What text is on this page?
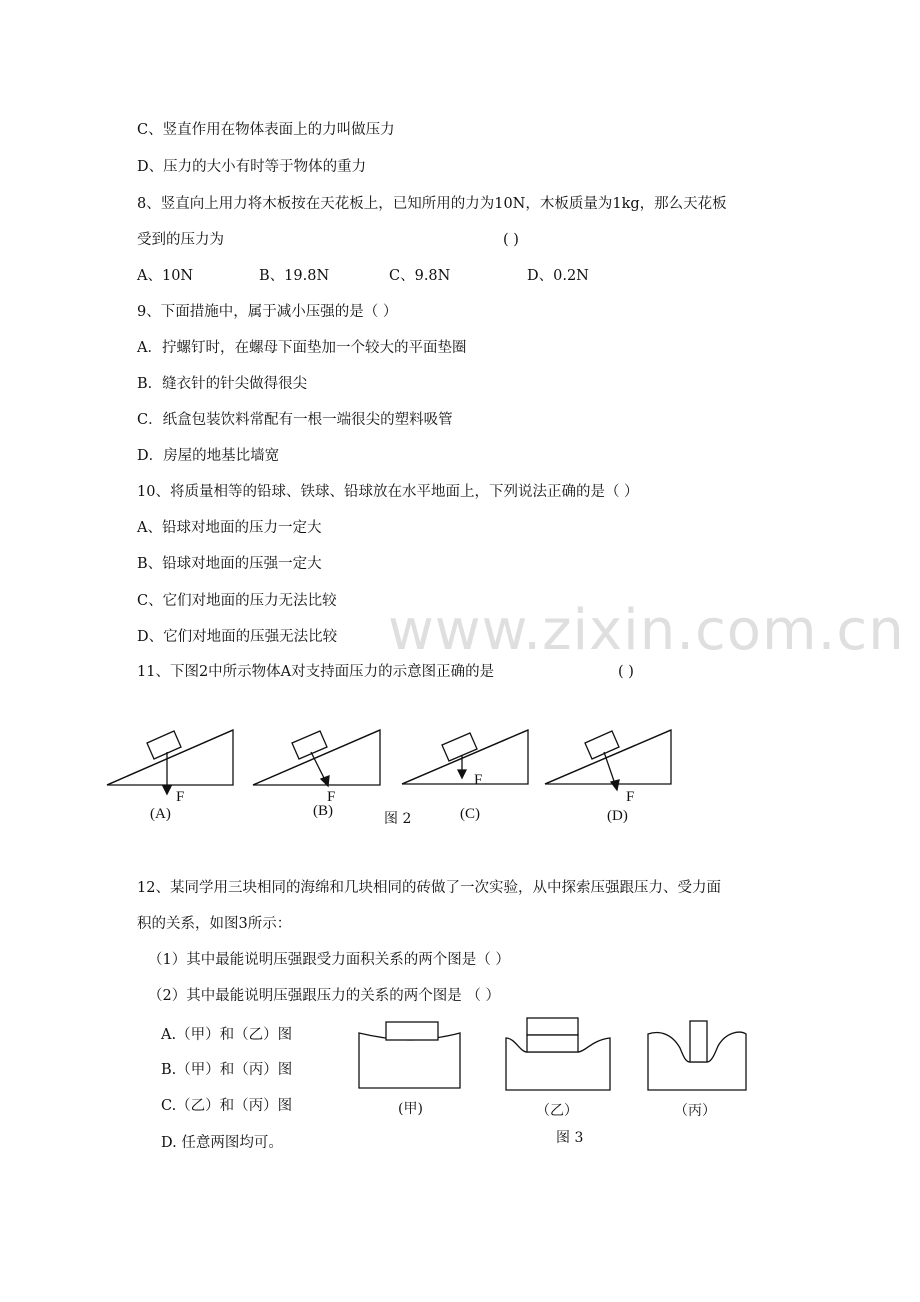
C、竖直作用在物体表面上的力叫做压力
D、压力的大小有时等于物体的重力
8、竖直向上用力将木板按在天花板上，已知所用的力为10N，木板质量为1kg，那么天花板
受到的压力为	( )
A、10N	B、19.8N	C、9.8N	D、0.2N
9、下面措施中，属于减小压强的是（ ）
A．拧螺钉时，在螺母下面垫加一个较大的平面垫圈
B．缝衣针的针尖做得很尖
C．纸盒包装饮料常配有一根一端很尖的塑料吸管
D．房屋的地基比墙宽
10、将质量相等的铅球、铁球、铅球放在水平地面上，下列说法正确的是（ ）
A、铅球对地面的压力一定大
B、铅球对地面的压强一定大
C、它们对地面的压力无法比较
D、它们对地面的压强无法比较
11、下图2中所示物体A对支持面压力的示意图正确的是	( )
www.zixin.com.cn
F
(A)
F
(B)	图 2
F
(C)
F
(D)
(甲)	（乙）	（丙）
图 3
12、某同学用三块相同的海绵和几块相同的砖做了一次实验，从中探索压强跟压力、受力面
积的关系，如图3所示：
（1）其中最能说明压强跟受力面积关系的两个图是（ ）
（2）其中最能说明压强跟压力的关系的两个图是 （ ）
A.（甲）和（乙）图
B.（甲）和（丙）图
C.（乙）和（丙）图
D. 任意两图均可。
